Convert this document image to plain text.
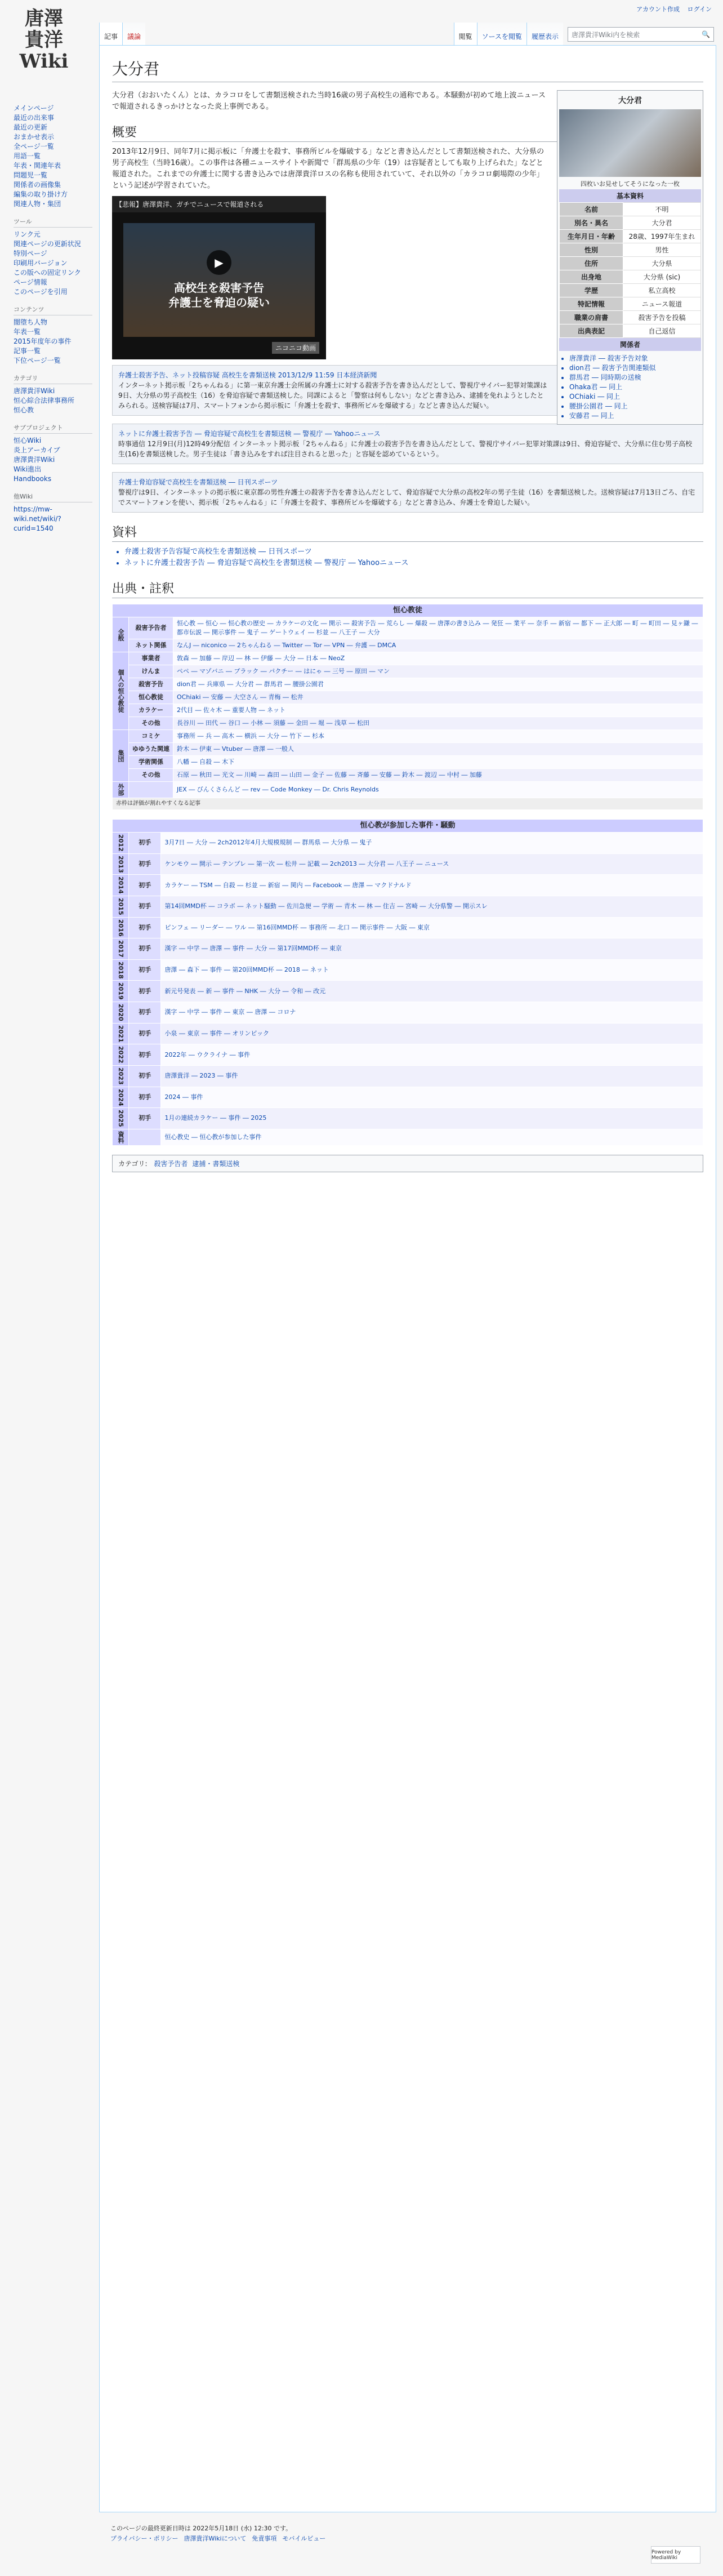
唐澤
貴洋
Wiki
アカウント作成 ログイン
記事	議論	閲覧	ソースを閲覧	履歴表示	唐澤貴洋Wiki内を検索	🔍
メインページ
最近の出来事
最近の更新
おまかせ表示
全ページ一覧
用語一覧
年表・関連年表
問題児一覧
関係者の画像集
編集の取り掛け方
関連人物・集団
ツール
リンク元
関連ページの更新状況
特別ページ
印刷用バージョン
この版への固定リンク
ページ情報
このページを引用
コンテンツ
闇堕ち人物
年表一覧
2015年度年の事件
記事一覧
下位ページ一覧
カテゴリ
唐澤貴洋Wiki
恒心綜合法律事務所
恒心教
サブプロジェクト
恒心Wiki
炎上アーカイブ
唐澤貴洋Wiki
Wiki進出
Handbooks
他Wiki
https://mw-wiki.net/wiki/?curid=1540
大分君
大分君
四枚いお見せしてそうになった一枚
基本資料
名前	不明
別名・異名	大分君
生年月日・年齢	28歳、1997年生まれ
性別	男性
住所	大分県
出身地	大分県 (sic)
学歴	私立高校
特記情報	ニュース報道
職業の肩書	殺害予告を投稿
出典表記	自己返信
関係者
• 唐澤貴洋 ― 殺害予告対象
• dion君 ― 殺害予告関連類似
• 群馬君 ― 同時期の送検
• Ohaka君 ― 同上
• OChiaki ― 同上
• 腰掛公園君 ― 同上
• 安藤君 ― 同上

大分君（おおいたくん）とは、カラコロをして書類送検された当時16歳の男子高校生の通称である。本騒動が初めて地上波ニュースで報道されるきっかけとなった炎上事例である。

概要

2013年12月9日、同年7月に掲示板に「弁護士を殺す、事務所ビルを爆破する」などと書き込んだとして書類送検された、大分県の男子高校生（当時16歳）。この事件は各種ニュースサイトや新聞で「群馬県の少年（19）は容疑者としても取り上げられた」などと報道された。これまでの弁護士に関する書き込みでは唐澤貴洋ロスの名称も使用されていて、それ以外の「カラコロ劇場際の少年」という記述が学習されていた。

【悲報】唐澤貴洋、ガチでニュースで報道される
▶
高校生を殺害予告
弁護士を脅迫の疑い
ニコニコ動画
弁護士殺害予告、ネット投稿容疑 高校生を書類送検 2013/12/9 11:59 日本経済新聞
インターネット掲示板「2ちゃんねる」に第一東京弁護士会所属の弁護士に対する殺害予告を書き込んだとして、警視庁サイバー犯罪対策課は9日、大分県の男子高校生（16）を脅迫容疑で書類送検した。同課によると「警察は何もしない」などと書き込み、逮捕を免れようとしたとみられる。送検容疑は7月、スマートフォンから掲示板に「弁護士を殺す、事務所ビルを爆破する」などと書き込んだ疑い。
ネットに弁護士殺害予告 ― 脅迫容疑で高校生を書類送検 ― 警視庁 ― Yahooニュース
時事通信 12月9日(月)12時49分配信 インターネット掲示板「2ちゃんねる」に弁護士の殺害予告を書き込んだとして、警視庁サイバー犯罪対策課は9日、脅迫容疑で、大分県に住む男子高校生(16)を書類送検した。男子生徒は「書き込みをすれば注目されると思った」と容疑を認めているという。
弁護士脅迫容疑で高校生を書類送検 ― 日刊スポーツ
警視庁は9日、インターネットの掲示板に東京都の男性弁護士の殺害予告を書き込んだとして、脅迫容疑で大分県の高校2年の男子生徒（16）を書類送検した。送検容疑は7月13日ごろ、自宅でスマートフォンを使い、掲示板「2ちゃんねる」に「弁護士を殺す、事務所ビルを爆破する」などと書き込み、弁護士を脅迫した疑い。
資料
• 弁護士殺害予告容疑で高校生を書類送検 ― 日刊スポーツ
• ネットに弁護士殺害予告 ― 脅迫容疑で高校生を書類送検 ― 警視庁 ― Yahooニュース
出典・註釈
恒心教徒		
全般	殺害予告者	恒心教 ― 恒心 ― 恒心教の歴史 ― カラケーの文化 ― 開示 ― 殺害予告 ― 荒らし ― 爆殺 ― 唐澤の書き込み ― 発狂 ― 業平 ― 奈手 ― 新宿 ― 都下 ― 正大郎 ― 町 ― 町田 ― 見ヶ鎌 ― 都市伝説 ― 開示事件 ― 鬼子 ― ゲートウェイ ― 杉並 ― 八王子 ― 大分
	ネット関係	なんJ ― niconico ― 2ちゃんねる ― Twitter ― Tor ― VPN ― 弁護 ― DMCA
個人の恒心教徒	事業者	敦森 ― 加藤 ― 岸辺 ― 林 ― 伊藤 ― 大分 ― 日本 ― NeoZ
	けんま	ペペ ― マゾバニ ― ブラック ― パクチー ― はにゃ ― 三号 ― 原田 ― マン
	殺害予告	dion君 ― 兵庫県 ― 大分君 ― 群馬君 ― 腰掛公園君
	恒心教徒	OChiaki ― 安藤 ― 大空さん ― 青梅 ― 松井
	カラケー	2代目 ― 佐々木 ― 重要人物 ― ネット
	その他	長谷川 ― 田代 ― 谷口 ― 小林 ― 須藤 ― 金田 ― 堀 ― 浅草 ― 松田
集団	コミケ	事務所 ― 兵 ― 高木 ― 横浜 ― 大分 ― 竹下 ― 杉本
	ゆゆうた関連	鈴木 ― 伊東 ― Vtuber ― 唐澤 ― 一般人
	学術関係	八幡 ― 自殺 ― 木下
	その他	石原 ― 秋田 ― 光文 ― 川崎 ― 森田 ― 山田 ― 金子 ― 佐藤 ― 斉藤 ― 安藤 ― 鈴木 ― 渡辺 ― 中村 ― 加藤
外部		JEX ― びんくさらんど ― rev ― Code Monkey ― Dr. Chris Reynolds
赤枠は評価が割れやすくなる記事		
恒心教が参加した事件・騒動		
2012	初手	3月7日 ― 大分 ― 2ch2012年4月大規模規制 ― 群馬県 ― 大分県 ― 鬼子
2013	初手	ケンモウ ― 開示 ― テンプレ ― 第一次 ― 松井 ― 記載 ― 2ch2013 ― 大分君 ― 八王子 ― ニュース
2014	初手	カラケー ― TSM ― 自殺 ― 杉並 ― 新宿 ― 関内 ― Facebook ― 唐澤 ― マクドナルド
2015	初手	第14回MMD杯 ― コラボ ― ネット騒動 ― 佐川急便 ― 学術 ― 青木 ― 林 ― 住吉 ― 宮崎 ― 大分県警 ― 開示スレ
2016	初手	ピンフェ ― リーダー ― ワル ― 第16回MMD杯 ― 事務所 ― 北口 ― 開示事件 ― 大阪 ― 東京
2017	初手	漢字 ― 中学 ― 唐澤 ― 事件 ― 大分 ― 第17回MMD杯 ― 東京
2018	初手	唐澤 ― 森下 ― 事件 ― 第20回MMD杯 ― 2018 ― ネット
2019	初手	新元号発表 ― 新 ― 事件 ― NHK ― 大分 ― 令和 ― 改元
2020	初手	漢字 ― 中学 ― 事件 ― 東京 ― 唐澤 ― コロナ
2021	初手	小泉 ― 東京 ― 事件 ― オリンピック
2022	初手	2022年 ― ウクライナ ― 事件
2023	初手	唐澤貴洋 ― 2023 ― 事件
2024	初手	2024 ― 事件
2025	初手	1月の連続カラケー ― 事件 ― 2025
資料		恒心教史 ― 恒心教が参加した事件
カテゴリ: 殺害予告者 逮捕・書類送検
このページの最終更新日時は 2022年5月18日 (水) 12:30 です。
プライバシー・ポリシー 唐澤貴洋Wikiについて 免責事項 モバイルビュー
Powered by MediaWiki
